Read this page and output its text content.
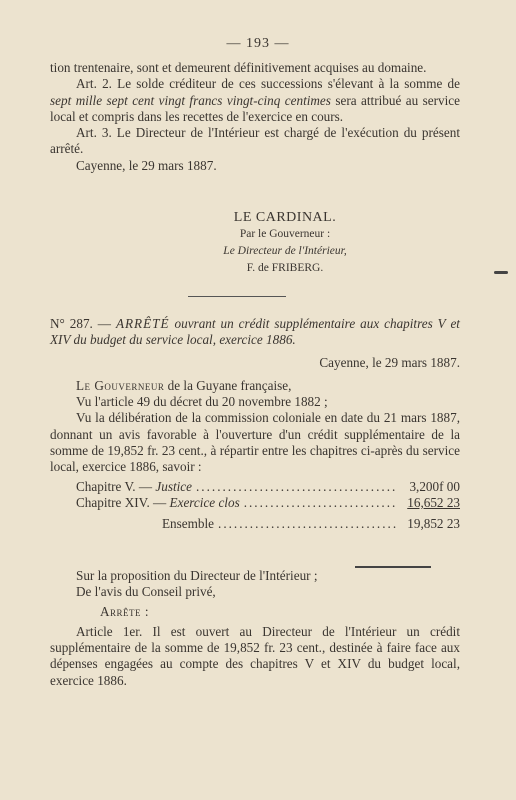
— 193 —

tion trentenaire, sont et demeurent définitivement acquises au domaine.

Art. 2. Le solde créditeur de ces successions s'élevant à la somme de sept mille sept cent vingt francs vingt-cinq centimes sera attribué au service local et compris dans les recettes de l'exercice en cours.

Art. 3. Le Directeur de l'Intérieur est chargé de l'exécution du présent arrêté.

Cayenne, le 29 mars 1887.

LE CARDINAL.
Par le Gouverneur :
Le Directeur de l'Intérieur,
F. de FRIBERG.

N° 287. — ARRÊTÉ ouvrant un crédit supplémentaire aux chapitres V et XIV du budget du service local, exercice 1886.

Cayenne, le 29 mars 1887.

Le Gouverneur de la Guyane française,

Vu l'article 49 du décret du 20 novembre 1882 ;

Vu la délibération de la commission coloniale en date du 21 mars 1887, donnant un avis favorable à l'ouverture d'un crédit supplémentaire de la somme de 19,852 fr. 23 cent., à répartir entre les chapitres ci-après du service local, exercice 1886, savoir :

Chapitre V. — Justice .....	3,200f 00
Chapitre XIV. — Exercice clos .....	16,652 23
Ensemble .....	19,852 23

Sur la proposition du Directeur de l'Intérieur ;

De l'avis du Conseil privé,

Arrête :

Article 1er. Il est ouvert au Directeur de l'Intérieur un crédit supplémentaire de la somme de 19,852 fr. 23 cent., destinée à faire face aux dépenses engagées au compte des chapitres V et XIV du budget local, exercice 1886.
